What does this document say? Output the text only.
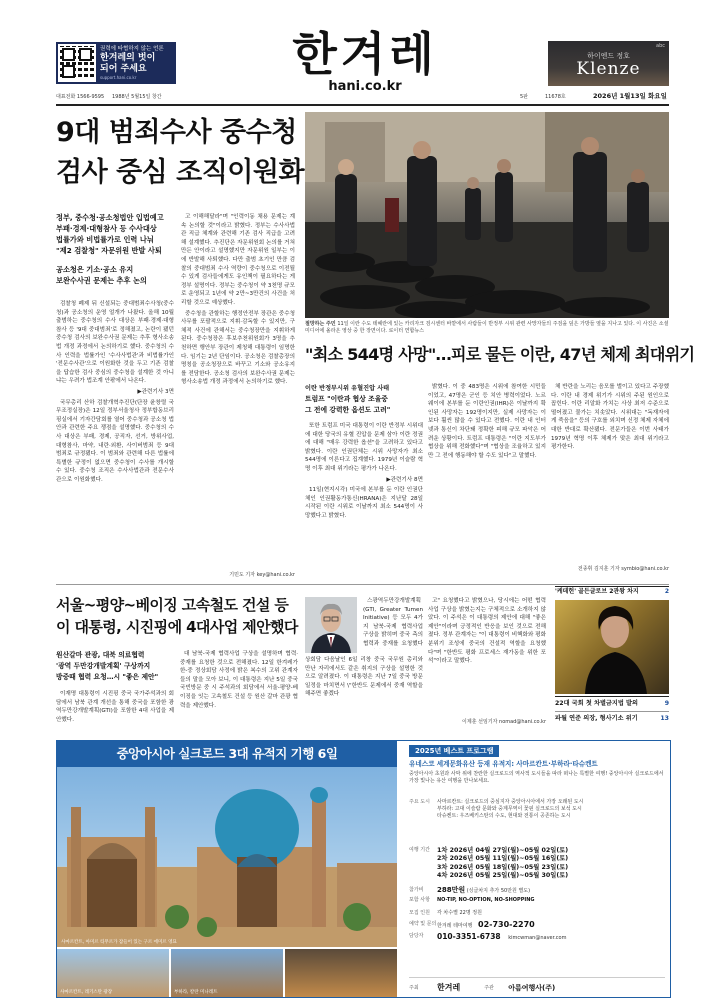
권력에 타협하지 않는 언론
한겨레의 벗이
되어 주세요
support.hani.co.kr	한겨레
hani.co.kr
abc
하이엔드 정호
Klenze
대표전화 1566-9595 1988년 5월15일 창간	5판	11678호	2026년 1월13일 화요일
9대 범죄수사 중수청
검사 중심 조직이원화
정부, 중수청·공소청법안 입법예고
부패·경제·대형참사 등 수사대상
법률가와 비법률가로 인력 나눠
"제2 검찰청" 자문위원 반발 사퇴
공소청은 기소·공소 유지
보완수사권 문제는 추후 논의

검찰청 폐제 뒤 신설되는 중대범죄수사청(중수청)과 공소청의 운영 얼개가 나왔다. 올해 10월 출범하는 중수청의 수사 대상은 부패·경제·대형참사 등 '9대 중대범죄'로 정해졌고, 논란이 됐던 중수청 검사의 보완수사권 문제는 추후 형사소송법 개정 과정에서 논의하기로 했다. 중수청의 수사 인력을 법률가인 '수사사법관'과 비법률가인 '전문수사관'으로 이원화한 것을 두고 기존 검찰을 답습한 검사 중심의 중수청을 설계한 것 아니냐는 우려가 법조계 안팎에서 나온다.

▶관련기사 3면

국무총리 산하 검찰개혁추진단(단장 윤창렬 국무조정실장)은 12일 정부서울청사 정부합동브리핑실에서 기자간담회를 열어 중수청과 공소청 법안과 관련한 주요 쟁점을 설명했다. 중수청의 수사 대상은 부패, 경제, 공직자, 선거, 방위사업, 대형참사, 마약, 내란·외환, 사이버범죄 등 9대 범죄로 규정됐다. 이 범죄와 관련해 다른 법률에 특별한 규정이 없으면 중수청이 수사를 개시할 수 있다. 중수청 조직은 수사사법관과 전문수사관으로 이원화했다.

고 이해해달라"며 "인력이동 채용 문제는 계속 논의할 것"이라고 밝혔다. 정부는 수사사법관 직급 체계와 관련해 기존 검사 직급을 고려해 설계했다. 추진단은 자문위원회 논의를 거쳐 만든 안이라고 설명했지만 자문위원 일부는 이에 반발해 사퇴했다. 다만 출범 초기인 만큼 검찰의 중대범죄 수사 역량이 중수청으로 이전될 수 있게 검사들에게도 유인책이 필요하다는 게 정부 설명이다. 정부는 중수청이 약 3천명 규모로 운영되고 1년에 약 2만~3만건의 사건을 처리할 것으로 예상했다.

중수청을 관할하는 행정안전부 장관은 중수청 사무를 포괄적으로 지휘·감독할 수 있지만, 구체적 사건에 관해서는 중수청장만을 지휘하게 된다. 중수청장은 후보추천위원회가 3명을 추천하면 행안부 장관이 제청해 대통령이 임명한다. 임기는 2년 단임이다. 공소청은 검찰총장의 명칭을 공소청장으로 바꾸고 기소와 공소유지를 전담한다. 공소청 검사의 보완수사권 문제는 형사소송법 개정 과정에서 논의하기로 했다.

기민도 기자 key@hani.co.kr
절망하는 주민 11일 이란 수도 테헤란에 있는 카리자크 검시센터 바깥에서 사람들이 반정부 시위 관련 사망자들의 주검을 덮은 가방들 옆을 지나고 있다. 이 사진은 소셜미디어에 올라온 영상 중 한 장면이다. 로이터 연합뉴스
"최소 544명 사망"…피로 물든 이란, 47년 체제 최대위기
이란 반정부시위 유혈진압 사태
트럼프 "이란과 협상 조율중
그 전에 강력한 옵션도 고려"

또한 트럼프 미국 대통령이 이란 반정부 시위대에 대한 당국의 유혈 진압을 문제 삼아 이란 정권에 대해 "매우 강력한 옵션"을 고려하고 있다고 밝혔다. 이란 인권단체는 시위 사망자가 최소 544명에 이른다고 집계했다. 1979년 이슬람 혁명 이후 최대 위기라는 평가가 나온다.

▶관련기사 8면

11일(현지시각) 미국에 본부를 둔 이란 인권단체인 인권활동가통신(HRANA)은 지난달 28일 시작된 이란 시위로 이날까지 최소 544명이 사망했다고 밝혔다.

밝혔다. 이 중 483명은 시위에 참여한 시민들이었고, 47명은 군인 등 치안 병력이었다. 노르웨이에 본부를 둔 이란인권(IHR)은 이날까지 확인된 사망자는 192명이지만, 실제 사망자는 이보다 훨씬 많을 수 있다고 전했다. 이란 내 인터넷과 통신이 차단돼 정확한 피해 규모 파악은 어려운 상황이다. 트럼프 대통령은 "이란 지도부가 협상을 위해 전화했다"며 "협상을 조율하고 있지만 그 전에 행동해야 할 수도 있다"고 말했다.

체 반란을 노리는 음모를 벌이고 있다고 주장했다. 이란 내 경제 위기가 시위의 주된 원인으로 꼽힌다. 이란 리알화 가치는 사상 최저 수준으로 떨어졌고 물가는 치솟았다. 시위대는 "독재자에게 죽음을" 등의 구호를 외치며 신정 체제 자체에 대한 반대로 확산됐다. 전문가들은 이번 사태가 1979년 혁명 이후 체제가 맞은 최대 위기라고 평가한다.

전종휘 김지훈 기자 symbio@hani.co.kr
서울~평양~베이징 고속철도 건설 등
이 대통령, 시진핑에 4대사업 제안했다
원산갈마 관광, 대북 의료협력
'광역 두만강개발계획' 구상까지
방중때 협력 요청…시 "좋은 제안"

이재명 대통령이 시진핑 중국 국가주석과의 회담에서 남북 관계 개선을 통해 중국을 포함한 광역두만강개발계획(GTI)을 포함한 4대 사업을 제안했다.

대 남북-국제 협력사업 구상을 설명하며 협력·중재를 요청한 것으로 전해졌다. 12일 한겨레가 한-중 정상회담 사정에 밝은 복수의 고위 관계자들의 말을 모아 보니, 이 대통령은 지난 5일 중국 국빈방문 중 시 주석과의 회담에서 서울-평양-베이징을 잇는 고속철도 건설 등 원산 갈마 관광 협력을 제안했다.

스광역두만강개발계획(GTI, Greater Tumen Initiative) 등 모두 4가지 남북-국제 협력사업 구상을 밝히며 중국 측의 협력과 중재를 요청했다

상회담 다음날인 6일 리창 중국 국무원 총리와 만난 자리에서도 같은 취지의 구상을 설명한 것으로 알려졌다. 이 대통령은 지난 7일 중국 방문 일정을 마치면서 \"한반도 문제에서 중재 역할을 해주면 좋겠다

고" 요청했다고 밝혔으나, 당시에는 어떤 협력사업 구상을 밝혔는지는 구체적으로 소개하지 않았다. 이 주석은 이 대통령의 제안에 대해 "좋은 제안"이라며 긍정적인 반응을 보인 것으로 전해졌다. 정부 관계자는 "이 대통령이 비핵화와 평화 분위기 조성에 중국의 건설적 역할을 요청했다"며 "한반도 평화 프로세스 재가동을 위한 포석"이라고 말했다.

이제훈 선임기자 nomad@hani.co.kr
'케데헌' 골든글로브 2관왕 차지	2
22대 국회 첫 차별금지법 발의	9
파월 연준 의장, 형사기소 위기	13
중앙아시아 실크로드 3대 유적지 기행 6일
사마르칸트, 아미르 티무르가 잠들어 있는 구르 에미르 영묘
사마르칸트, 레기스탄 광장	부하라, 칼란 미나레트
2025년 베스트 프로그램
유네스코 세계문화유산 등재 유적지: 사마르칸트·부하라·타슈켄트
중앙아시아 초원과 사막 위에 찬란한 실크로드의 역사적 도시들을 따라 떠나는 특별한 여행! 중앙아시아 실크로드에서 가장 빛나는 유산 여행을 만나보세요.
주요 도시	사마르칸트: 실크로드의 중심지자 중앙아시아에서 가장 오래된 도시
부하라: 고대 이슬람 문화와 중계무역이 꽃핀 실크로드의 보석 도시
타슈켄트: 우즈베키스탄의 수도, 현대와 전통이 공존하는 도시
여행 기간	1차 2026년 04월 27일(월)~05월 02일(토)
2차 2026년 05월 11일(월)~05월 16일(토)
3차 2026년 05월 18일(월)~05월 23일(토)
4차 2026년 05월 25일(월)~05월 30일(토)
참가비	288만원 (싱글차지 추가 50만원 별도)
포함 사항	NO-TIP, NO-OPTION, NO-SHOPPING
모집 인원	각 차수별 22명 정원
예약 및 문의 한겨레 테마여행 02-730-2270
담당자	010-3351-6738 kimcwman@naver.com
주최	한겨레	주관	아름여행사(주)
